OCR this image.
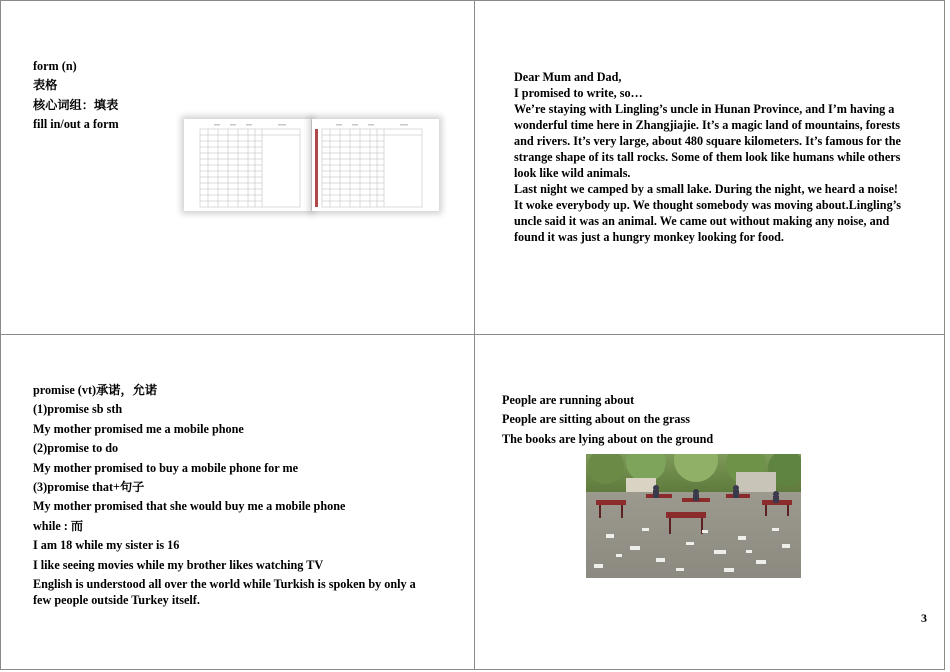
form (n)
表格
核心词组：填表
fill in/out a form
Dear Mum and Dad,
I promised to write, so…
We’re staying with Lingling’s uncle in Hunan Province, and I’m having a wonderful time here in Zhangjiajie. It’s a magic land of mountains, forests and rivers. It’s very large, about 480 square kilometers. It’s famous for the strange shape of its tall rocks. Some of them look like humans while others look like wild animals.
Last night we camped by a small lake. During the night, we heard a noise! It woke everybody up. We thought somebody was moving about.Lingling’s uncle said it was an animal. We came out without making any noise, and found it was just a hungry monkey looking for food.
promise (vt)承诺，允诺
(1)promise sb sth
My mother promised me a mobile phone
(2)promise to do
My mother promised to buy a mobile phone for me
(3)promise that+句子
My mother promised that she would buy me a mobile phone
while : 而
I am 18 while my sister is 16
I like seeing movies while my brother likes watching TV
English is understood all over the world while Turkish is spoken by only a few people outside Turkey itself.
People are running about
People are sitting about on the grass
The books are lying about on the ground
3
